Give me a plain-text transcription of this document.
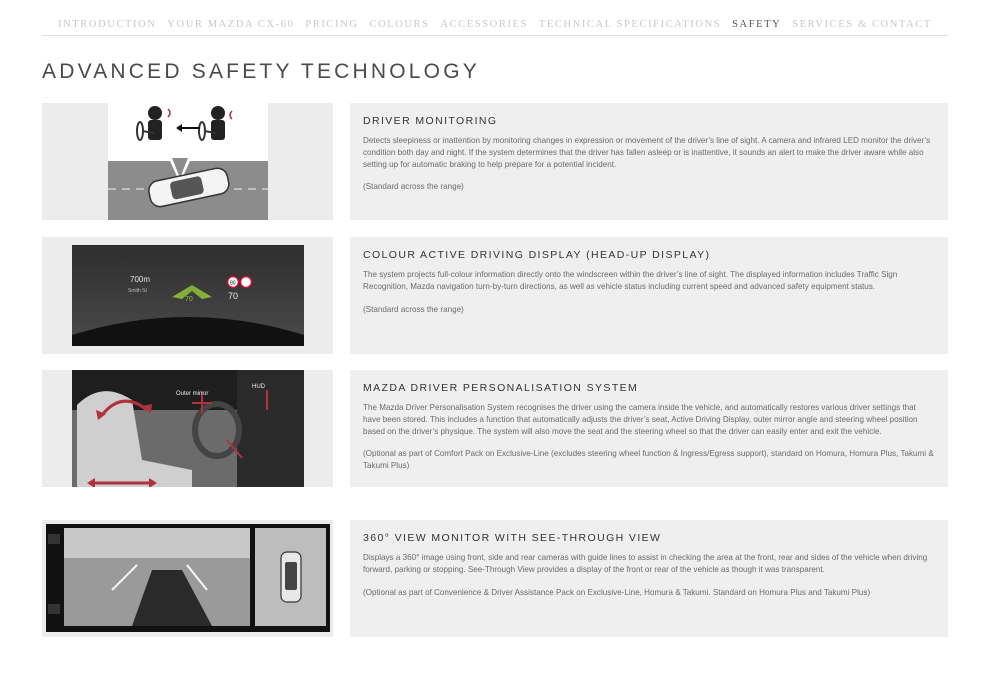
INTRODUCTION YOUR MAZDA CX-60 PRICING COLOURS ACCESSORIES TECHNICAL SPECIFICATIONS SAFETY SERVICES & CONTACT
ADVANCED SAFETY TECHNOLOGY
DRIVER MONITORING

Detects sleepiness or inattention by monitoring changes in expression or movement of the driver’s line of sight. A camera and infrared LED monitor the driver’s condition both day and night. If the system determines that the driver has fallen asleep or is inattentive, it sounds an alert to make the driver aware while also setting up for automatic braking to help prepare for a potential incident.

(Standard across the range)

700m
Smith St
70
80
70
COLOUR ACTIVE DRIVING DISPLAY (HEAD-UP DISPLAY)

The system projects full-colour information directly onto the windscreen within the driver’s line of sight. The displayed information includes Traffic Sign Recognition, Mazda navigation turn-by-turn directions, as well as vehicle status including current speed and advanced safety equipment status.

(Standard across the range)

Outer mirror
HUD	MAZDA DRIVER PERSONALISATION SYSTEM

The Mazda Driver Personalisation System recognises the driver using the camera inside the vehicle, and automatically restores various driver settings that have been stored. This includes a function that automatically adjusts the driver’s seat, Active Driving Display, outer mirror angle and steering wheel position based on the driver’s physique. The system will also move the seat and the steering wheel so that the driver can easily enter and exit the vehicle.

(Optional as part of Comfort Pack on Exclusive-Line (excludes steering wheel function & Ingress/Egress support), standard on Homura, Homura Plus, Takumi & Takumi Plus)

360° VIEW MONITOR WITH SEE-THROUGH VIEW

Displays a 360° image using front, side and rear cameras with guide lines to assist in checking the area at the front, rear and sides of the vehicle when driving forward, parking or stopping. See-Through View provides a display of the front or rear of the vehicle as though it was transparent.

(Optional as part of Convenience & Driver Assistance Pack on Exclusive-Line, Homura & Takumi. Standard on Homura Plus and Takumi Plus)
